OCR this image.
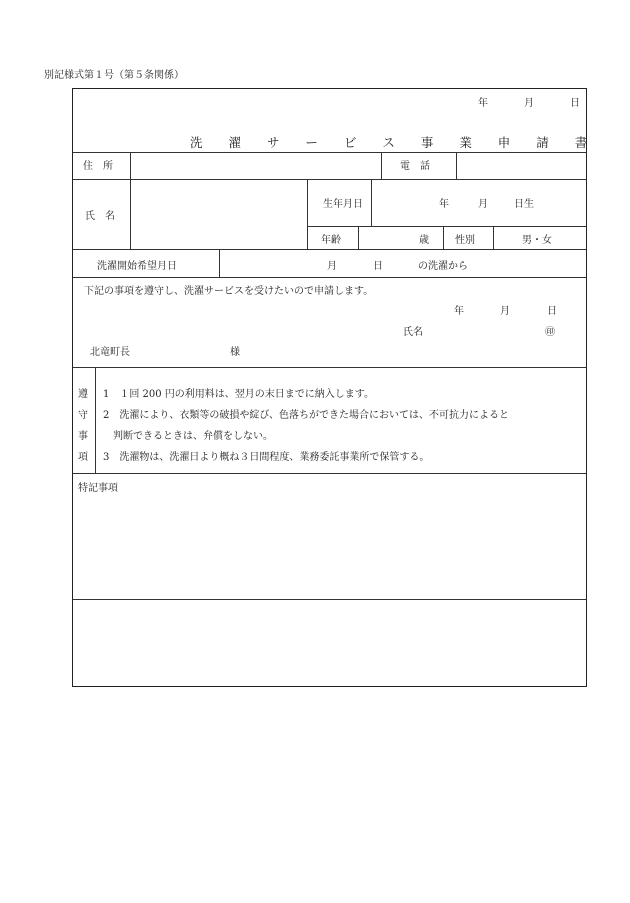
別記様式第１号（第５条関係）
年	月	日
洗 濯 サ ー ビ ス 事 業 申 請 書
住　所	電　話
氏　名
生年月日	年	月	日生
年齢	歳	性別	男・女
洗濯開始希望月日	月	日	の洗濯から
下記の事項を遵守し、洗濯サービスを受けたいので申請します。
年	月	日
氏名	㊞
北竜町長	様
遵
守
事
項
1　１回 200 円の利用料は、翌月の末日までに納入します。
2　洗濯により、衣類等の破損や綻び、色落ちができた場合においては、不可抗力によると
　判断できるときは、弁償をしない。
3　洗濯物は、洗濯日より概ね３日間程度、業務委託事業所で保管する。
特記事項
